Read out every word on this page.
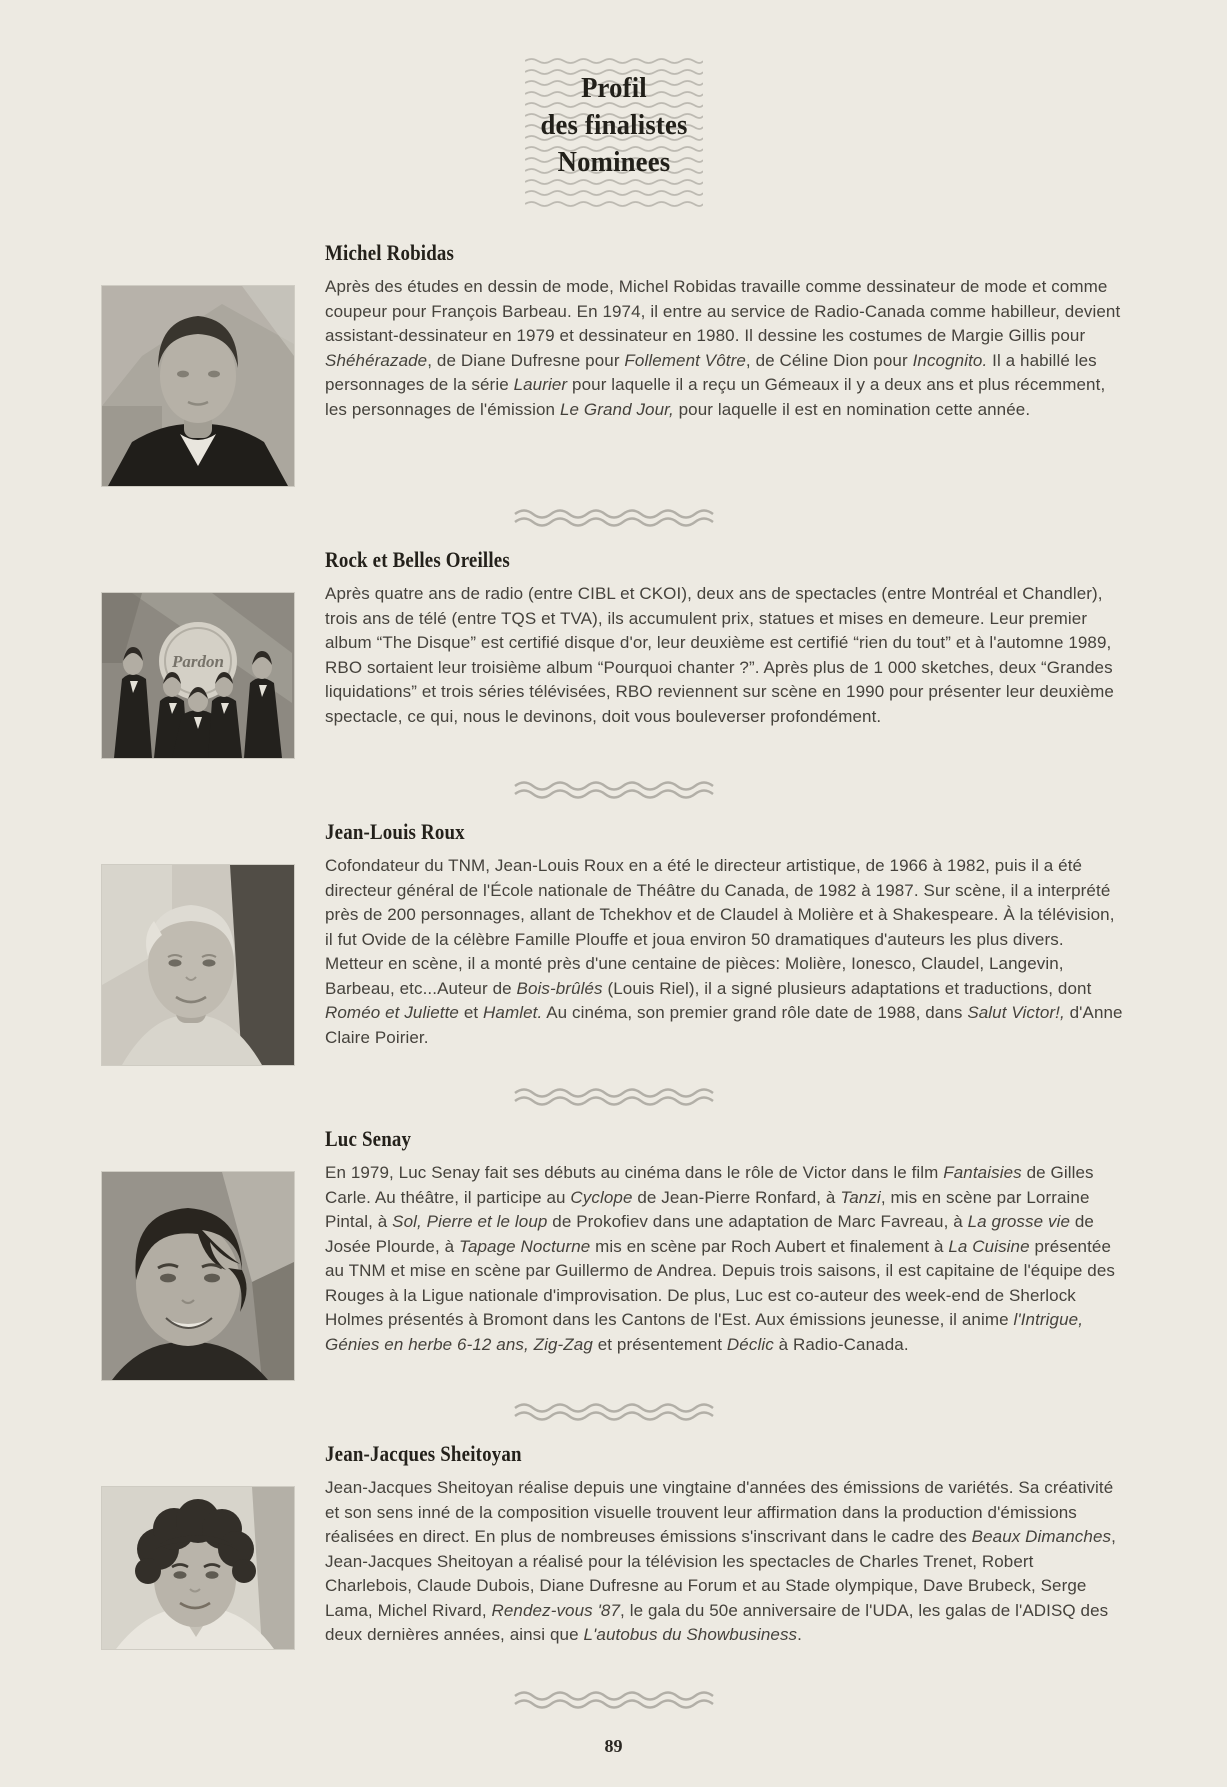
Profil
des finalistes
Nominees
Michel Robidas

Après des études en dessin de mode, Michel Robidas travaille comme dessinateur de mode et comme coupeur pour François Barbeau. En 1974, il entre au service de Radio-Canada comme habilleur, devient assistant-dessinateur en 1979 et dessinateur en 1980. Il dessine les costumes de Margie Gillis pour Shéhérazade, de Diane Dufresne pour Follement Vôtre, de Céline Dion pour Incognito. Il a habillé les personnages de la série Laurier pour laquelle il a reçu un Gémeaux il y a deux ans et plus récemment, les personnages de l'émission Le Grand Jour, pour laquelle il est en nomination cette année.

Pardon
Rock et Belles Oreilles

Après quatre ans de radio (entre CIBL et CKOI), deux ans de spectacles (entre Montréal et Chandler), trois ans de télé (entre TQS et TVA), ils accumulent prix, statues et mises en demeure. Leur premier album “The Disque” est certifié disque d'or, leur deuxième est certifié “rien du tout” et à l'automne 1989, RBO sortaient leur troisième album “Pourquoi chanter ?”. Après plus de 1 000 sketches, deux “Grandes liquidations” et trois séries télévisées, RBO reviennent sur scène en 1990 pour présenter leur deuxième spectacle, ce qui, nous le devinons, doit vous bouleverser profondément.

Jean-Louis Roux

Cofondateur du TNM, Jean-Louis Roux en a été le directeur artistique, de 1966 à 1982, puis il a été directeur général de l'École nationale de Théâtre du Canada, de 1982 à 1987. Sur scène, il a interprété près de 200 personnages, allant de Tchekhov et de Claudel à Molière et à Shakespeare. À la télévision, il fut Ovide de la célèbre Famille Plouffe et joua environ 50 dramatiques d'auteurs les plus divers. Metteur en scène, il a monté près d'une centaine de pièces: Molière, Ionesco, Claudel, Langevin, Barbeau, etc...Auteur de Bois-brûlés (Louis Riel), il a signé plusieurs adaptations et traductions, dont Roméo et Juliette et Hamlet. Au cinéma, son premier grand rôle date de 1988, dans Salut Victor!, d'Anne Claire Poirier.

Luc Senay

En 1979, Luc Senay fait ses débuts au cinéma dans le rôle de Victor dans le film Fantaisies de Gilles Carle. Au théâtre, il participe au Cyclope de Jean-Pierre Ronfard, à Tanzi, mis en scène par Lorraine Pintal, à Sol, Pierre et le loup de Prokofiev dans une adaptation de Marc Favreau, à La grosse vie de Josée Plourde, à Tapage Nocturne mis en scène par Roch Aubert et finalement à La Cuisine présentée au TNM et mise en scène par Guillermo de Andrea. Depuis trois saisons, il est capitaine de l'équipe des Rouges à la Ligue nationale d'improvisation. De plus, Luc est co-auteur des week-end de Sherlock Holmes présentés à Bromont dans les Cantons de l'Est. Aux émissions jeunesse, il anime l'Intrigue, Génies en herbe 6-12 ans, Zig-Zag et présentement Déclic à Radio-Canada.

Jean-Jacques Sheitoyan

Jean-Jacques Sheitoyan réalise depuis une vingtaine d'années des émissions de variétés. Sa créativité et son sens inné de la composition visuelle trouvent leur affirmation dans la production d'émissions réalisées en direct. En plus de nombreuses émissions s'inscrivant dans le cadre des Beaux Dimanches, Jean-Jacques Sheitoyan a réalisé pour la télévision les spectacles de Charles Trenet, Robert Charlebois, Claude Dubois, Diane Dufresne au Forum et au Stade olympique, Dave Brubeck, Serge Lama, Michel Rivard, Rendez-vous '87, le gala du 50e anniversaire de l'UDA, les galas de l'ADISQ des deux dernières années, ainsi que L'autobus du Showbusiness.

89
